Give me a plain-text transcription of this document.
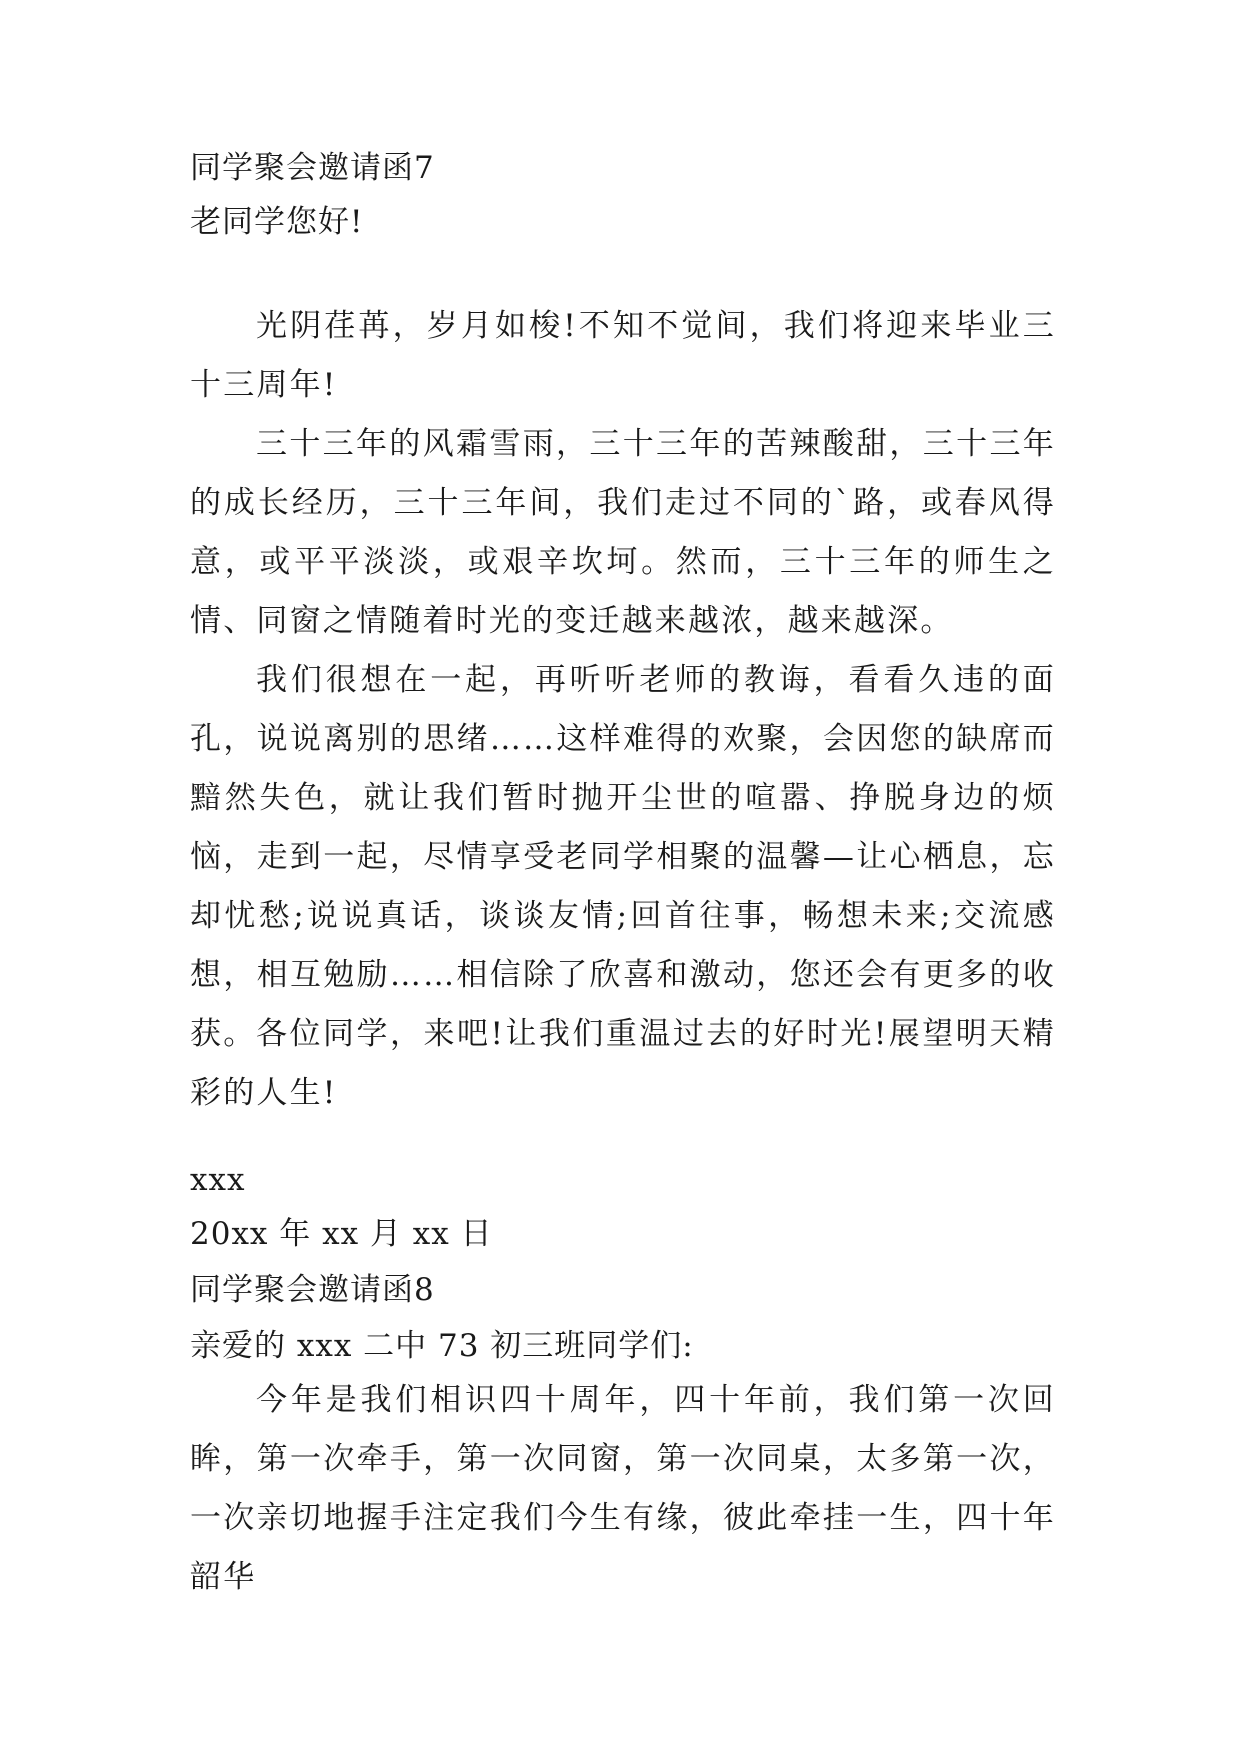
同学聚会邀请函7
老同学您好!

光阴荏苒，岁月如梭!不知不觉间，我们将迎来毕业三十三周年!

三十三年的风霜雪雨，三十三年的苦辣酸甜，三十三年的成长经历，三十三年间，我们走过不同的`路，或春风得意，或平平淡淡，或艰辛坎坷。然而，三十三年的师生之情、同窗之情随着时光的变迁越来越浓，越来越深。

我们很想在一起，再听听老师的教诲，看看久违的面孔，说说离别的思绪……这样难得的欢聚，会因您的缺席而黯然失色，就让我们暂时抛开尘世的喧嚣、挣脱身边的烦恼，走到一起，尽情享受老同学相聚的温馨—让心栖息，忘却忧愁;说说真话，谈谈友情;回首往事，畅想未来;交流感想，相互勉励……相信除了欣喜和激动，您还会有更多的收获。 各位同学，来吧!让我们重温过去的好时光!展望明天精彩的人生!

xxx
20xx 年 xx 月 xx 日
同学聚会邀请函8
亲爱的 xxx 二中 73 初三班同学们:

今年是我们相识四十周年，四十年前，我们第一次回眸，第一次牵手，第一次同窗，第一次同桌，太多第一次，一次亲切地握手注定我们今生有缘，彼此牵挂一生，四十年韶华
